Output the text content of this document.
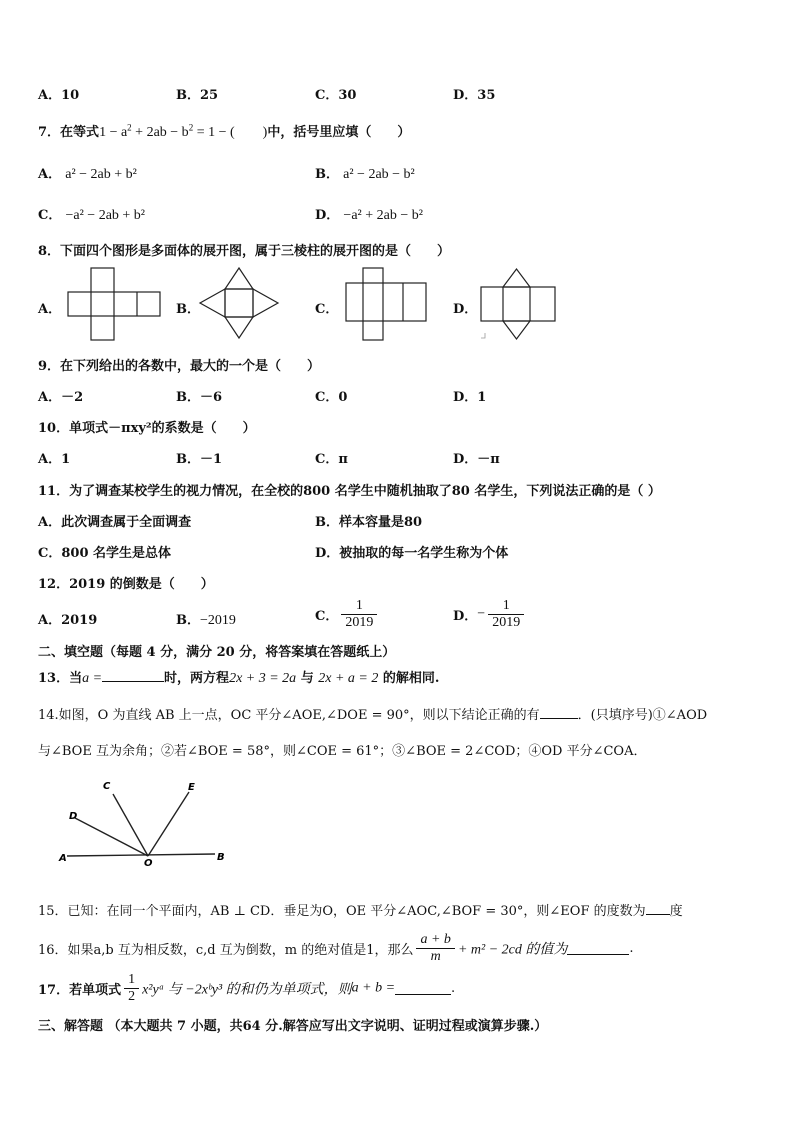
A．10	B．25	C．30	D．35
7．在等式$1 - a^2 + 2ab - b^2 = 1$ − (　　)中，括号里应填（　　）
A． a² − 2ab + b²	B． a² − 2ab − b²
C． −a² − 2ab + b²	D． −a² + 2ab − b²
8．下面四个图形是多面体的展开图，属于三棱柱的展开图的是（　　）
A．	B．	C．	D．
9．在下列给出的各数中，最大的一个是（　　）
A．－2	B．－6	C．0	D．1
10．单项式－πxy²的系数是（　　）
A．1	B．－1	C．π	D．－π
11．为了调查某校学生的视力情况，在全校的800 名学生中随机抽取了80 名学生，下列说法正确的是（ ）
A．此次调查属于全面调查	B．样本容量是80
C．800 名学生是总体	D．被抽取的每一名学生称为个体
12．2019 的倒数是（　　）
A．2019	B．−2019	C． $\frac{1}{2019}$	D．− $\frac{1}{2019}$
二、填空题（每题 4 分，满分 20 分，将答案填在答题纸上）
13．当a =	时，两方程2x + 3 = 2a 与 2x + a = 2 的解相同.
14.如图，O 为直线 AB 上一点，OC 平分∠AOE,∠DOE = 90°，则以下结论正确的有	．(只填序号)①∠AOD
与∠BOE 互为余角；②若∠BOE = 58°，则∠COE = 61°；③∠BOE = 2∠COD；④OD 平分∠COA．
A	B
C
D
E
O
15．已知：在同一个平面内，AB ⊥ CD．垂足为O，OE 平分∠AOC,∠BOF = 30°，则∠EOF 的度数为 度
16．如果a,b 互为相反数，c,d 互为倒数，m 的绝对值是1，那么 $\frac{a + b}{m} + m^2 - 2cd$ 的值为	.
17．若单项式 $\frac{1}{2}$ x²yᵃ 与 −2xᵇy³ 的和仍为单项式，则a + b =	.
三、解答题 （本大题共 7 小题，共64 分.解答应写出文字说明、证明过程或演算步骤.）
